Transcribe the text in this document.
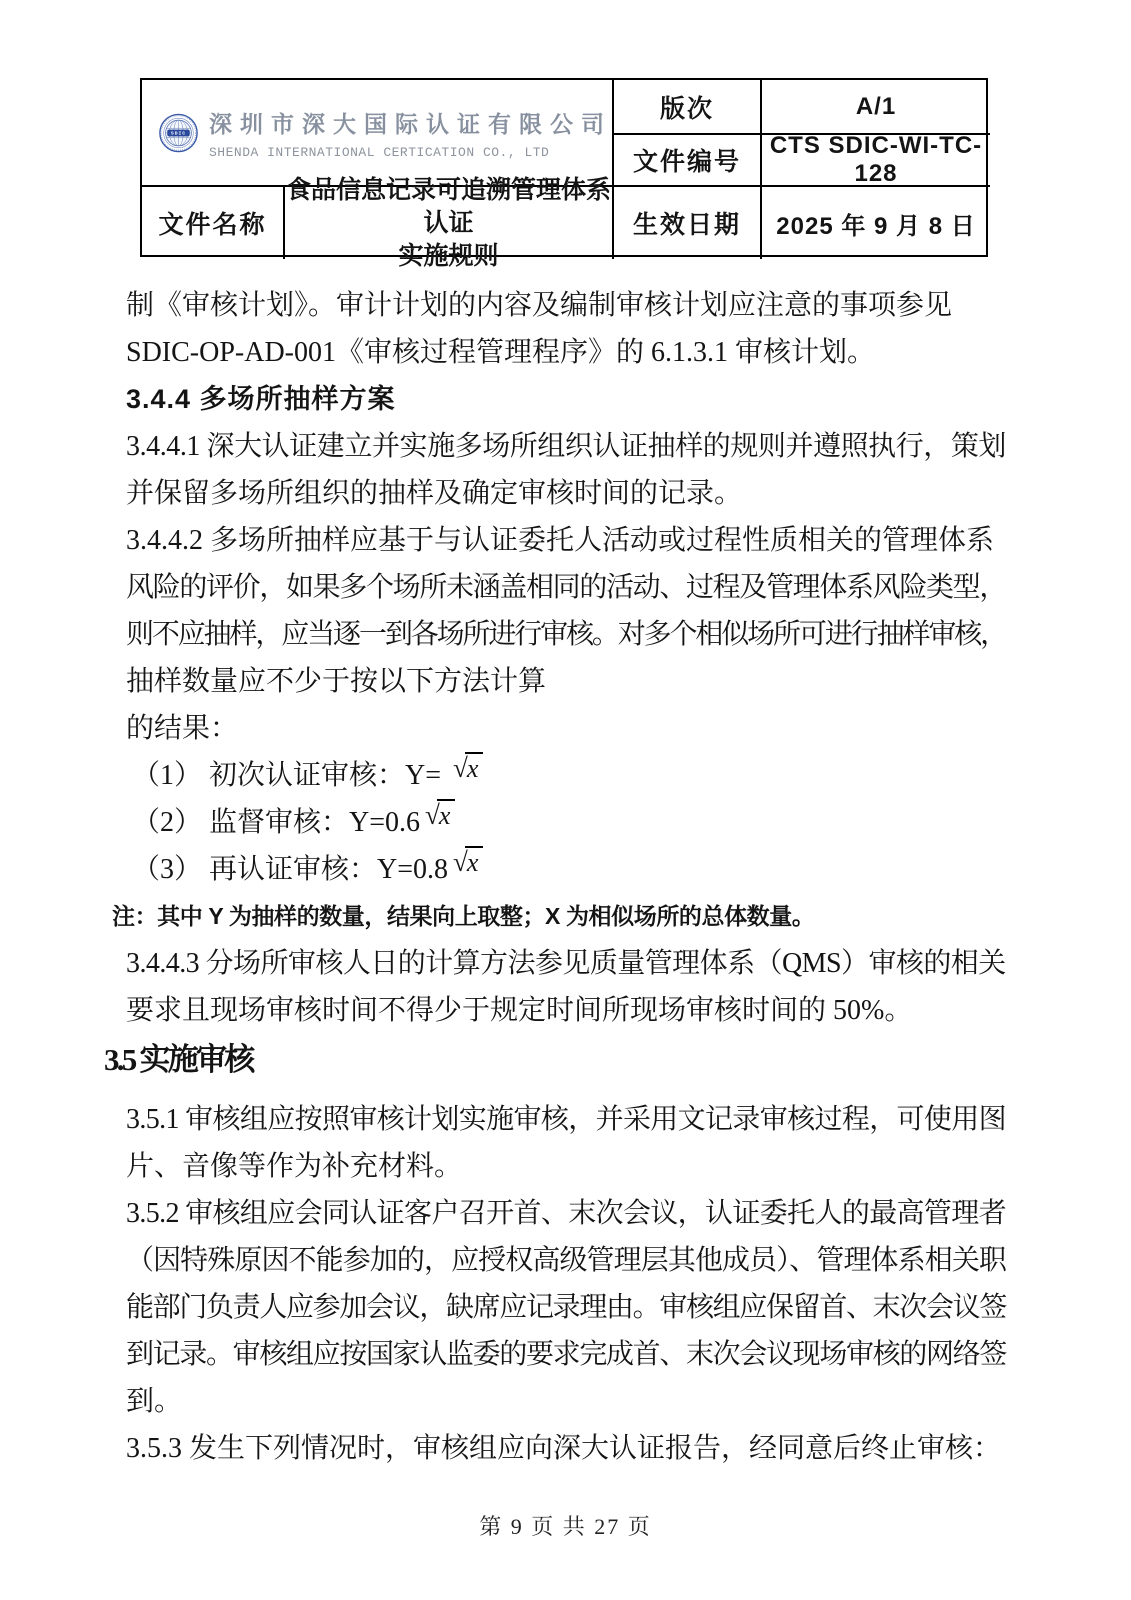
SDIC 深圳市深大国际认证有限公司
SHENDA INTERNATIONAL CERTICATION CO., LTD
版次	A/1
文件编号
CTS SDIC-WI-TC-128
文件名称
食品信息记录可追溯管理体系认证
实施规则
生效日期	2025 年 9 月 8 日
制《审核计划》。审计计划的内容及编制审核计划应注意的事项参见
SDIC-OP-AD-001《审核过程管理程序》的 6.1.3.1 审核计划。
3.4.4 多场所抽样方案
3.4.4.1 深大认证建立并实施多场所组织认证抽样的规则并遵照执行，策划
并保留多场所组织的抽样及确定审核时间的记录。
3.4.4.2 多场所抽样应基于与认证委托人活动或过程性质相关的管理体系
风险的评价，如果多个场所未涵盖相同的活动、过程及管理体系风险类型，
则不应抽样，应当逐一到各场所进行审核。对多个相似场所可进行抽样审核，
抽样数量应不少于按以下方法计算
的结果：
（1） 初次认证审核：Y= √x
（2） 监督审核：Y=0.6 √x
（3） 再认证审核：Y=0.8 √x
注：其中 Y 为抽样的数量，结果向上取整；X 为相似场所的总体数量。
3.4.4.3 分场所审核人日的计算方法参见质量管理体系（QMS）审核的相关
要求且现场审核时间不得少于规定时间所现场审核时间的 50%。
3.5 实施审核
3.5.1 审核组应按照审核计划实施审核，并采用文记录审核过程，可使用图
片、音像等作为补充材料。
3.5.2 审核组应会同认证客户召开首、末次会议，认证委托人的最高管理者
（因特殊原因不能参加的，应授权高级管理层其他成员）、管理体系相关职
能部门负责人应参加会议，缺席应记录理由。审核组应保留首、末次会议签
到记录。审核组应按国家认监委的要求完成首、末次会议现场审核的网络签
到。
3.5.3 发生下列情况时，审核组应向深大认证报告，经同意后终止审核：
第 9 页 共 27 页
